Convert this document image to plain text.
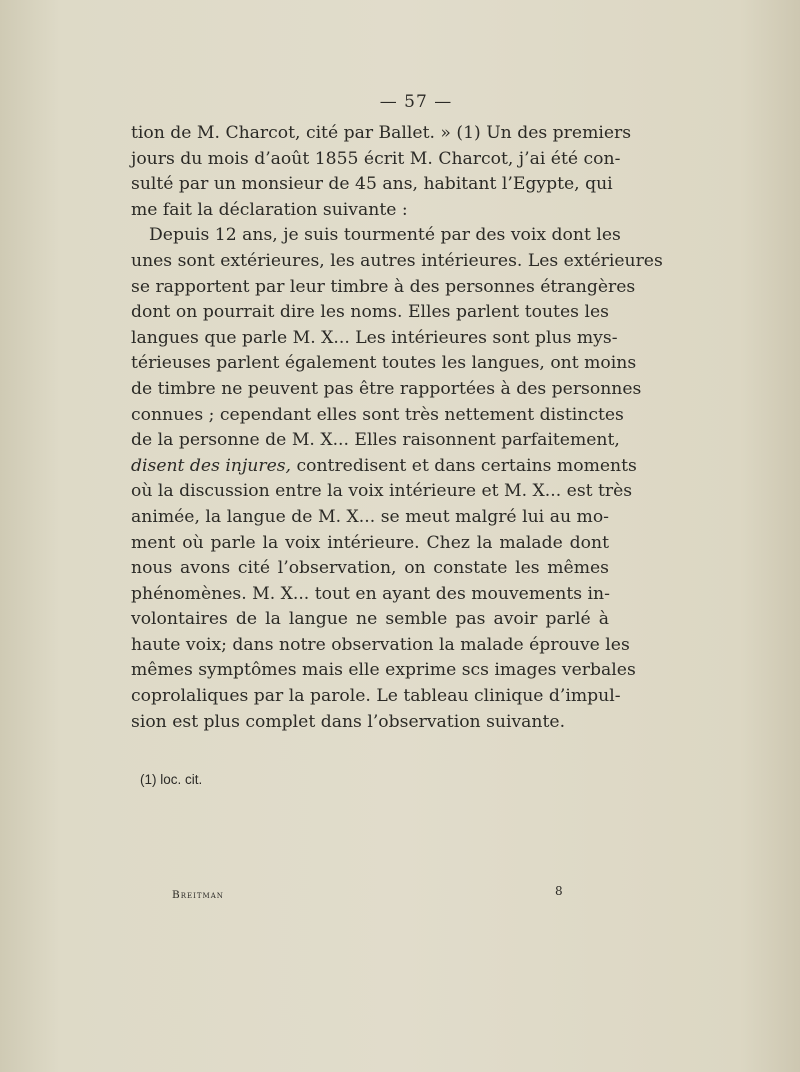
— 57 —
tion de M. Charcot, cité par Ballet. » (1) Un des premiers
jours du mois d’août 1855 écrit M. Charcot, j’ai été con-
sulté par un monsieur de 45 ans, habitant l’Egypte, qui
me fait la déclaration suivante :
Depuis 12 ans, je suis tourmenté par des voix dont les
unes sont extérieures, les autres intérieures. Les extérieures
se rapportent par leur timbre à des personnes étrangères
dont on pourrait dire les noms. Elles parlent toutes les
langues que parle M. X... Les intérieures sont plus mys-
térieuses parlent également toutes les langues, ont moins
de timbre ne peuvent pas être rapportées à des personnes
connues ; cependant elles sont très nettement distinctes
de la personne de M. X... Elles raisonnent parfaitement,
disent des injures, contredisent et dans certains moments
où la discussion entre la voix intérieure et M. X... est très
animée, la langue de M. X... se meut malgré lui au mo-
ment où parle la voix intérieure. Chez la malade dont
nous avons cité l’observation, on constate les mêmes
phénomènes. M. X... tout en ayant des mouvements in-
volontaires de la langue ne semble pas avoir parlé à
haute voix; dans notre observation la malade éprouve les
mêmes symptômes mais elle exprime scs images verbales
coprolaliques par la parole. Le tableau clinique d’impul-
sion est plus complet dans l’observation suivante.
(1) loc. cit.
Breitman	8
